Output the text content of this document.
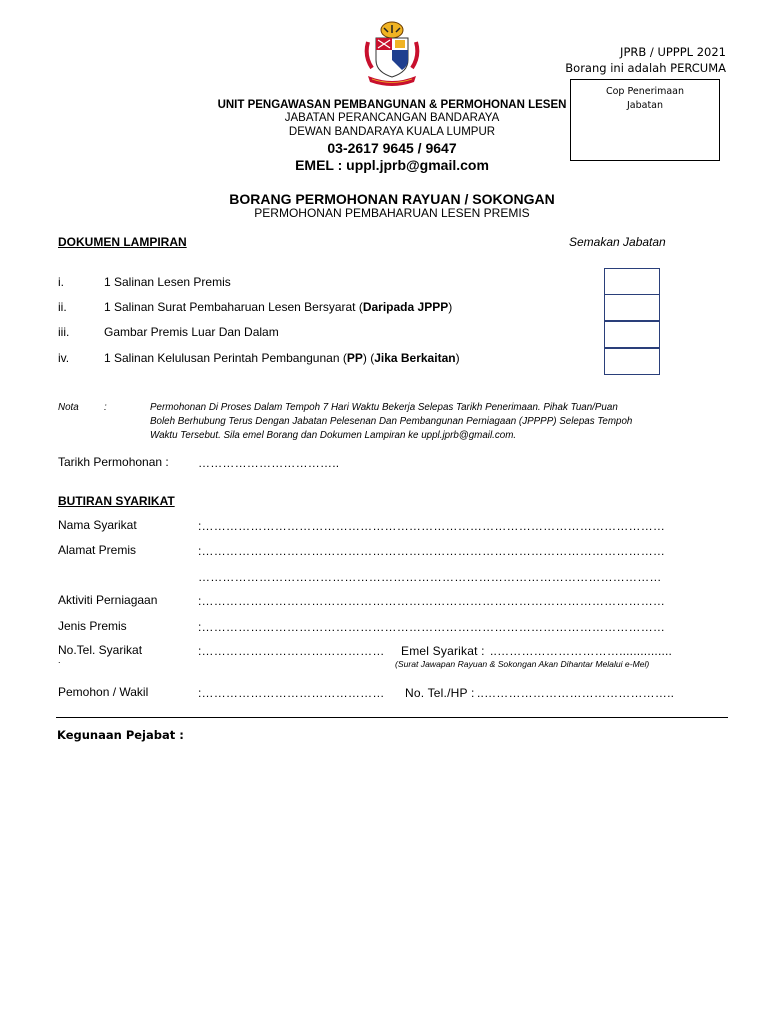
JPRB / UPPPL 2021
Borang ini adalah PERCUMA
Cop Penerimaan
Jabatan
UNIT PENGAWASAN PEMBANGUNAN & PERMOHONAN LESEN
JABATAN PERANCANGAN BANDARAYA
DEWAN BANDARAYA KUALA LUMPUR
03-2617 9645 / 9647
EMEL : uppl.jprb@gmail.com
BORANG PERMOHONAN RAYUAN / SOKONGAN
PERMOHONAN PEMBAHARUAN LESEN PREMIS
DOKUMEN LAMPIRAN	Semakan Jabatan
i.	1 Salinan Lesen Premis
ii.	1 Salinan Surat Pembaharuan Lesen Bersyarat (Daripada JPPP)
iii.	Gambar Premis Luar Dan Dalam
iv.	1 Salinan Kelulusan Perintah Pembangunan (PP) (Jika Berkaitan)
Nota	:	Permohonan Di Proses Dalam Tempoh 7 Hari Waktu Bekerja Selepas Tarikh Penerimaan. Pihak Tuan/Puan
Boleh Berhubung Terus Dengan Jabatan Pelesenan Dan Pembangunan Perniagaan (JPPPP) Selepas Tempoh
Waktu Tersebut. Sila emel Borang dan Dokumen Lampiran ke uppl.jprb@gmail.com.
Tarikh Permohonan : ……………………………..
BUTIRAN SYARIKAT
Nama Syarikat	:……………………………………………………………………………………………………
Alamat Premis	:……………………………………………………………………………………………………
……………………………………………………………………………………………………
Aktiviti Perniagaan	:……………………………………………………………………………………………………
Jenis Premis	:……………………………………………………………………………………………………
No.Tel. Syarikat
.
:……………………………………… Emel Syarikat : ..…………………………...............
(Surat Jawapan Rayuan & Sokongan Akan Dihantar Melalui e-Mel)
Pemohon / Wakil	:……………………………………… No. Tel./HP : ..………………………………………..
Kegunaan Pejabat :
